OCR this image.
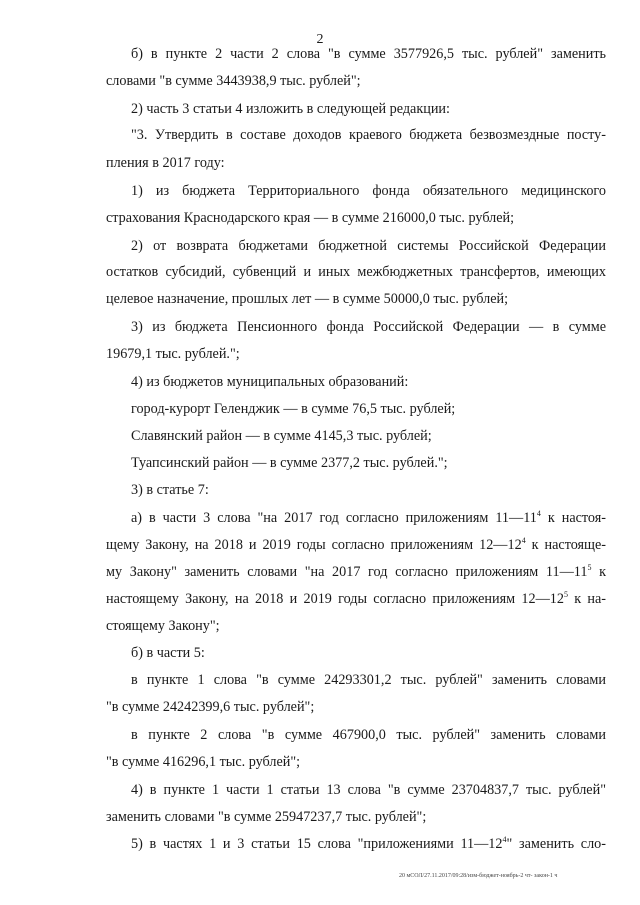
2
б) в пункте 2 части 2 слова "в сумме 3577926,5 тыс. рублей" заменить
словами "в сумме 3443938,9 тыс. рублей";
2) часть 3 статьи 4 изложить в следующей редакции:
"3. Утвердить в составе доходов краевого бюджета безвозмездные посту-
пления в 2017 году:
1) из бюджета Территориального фонда обязательного медицинского
страхования Краснодарского края — в сумме 216000,0 тыс. рублей;
2) от возврата бюджетами бюджетной системы Российской Федерации
остатков субсидий, субвенций и иных межбюджетных трансфертов, имеющих
целевое назначение, прошлых лет — в сумме 50000,0 тыс. рублей;
3) из бюджета Пенсионного фонда Российской Федерации — в сумме
19679,1 тыс. рублей.";
4) из бюджетов муниципальных образований:
город-курорт Геленджик — в сумме 76,5 тыс. рублей;
Славянский район — в сумме 4145,3 тыс. рублей;
Туапсинский район — в сумме 2377,2 тыс. рублей.";
3) в статье 7:
а) в части 3 слова "на 2017 год согласно приложениям $11—11^4$ к настоя-
щему Закону, на 2018 и 2019 годы согласно приложениям $12—12^4$ к настояще-
му Закону" заменить словами "на 2017 год согласно приложениям $11—11^5$ к
настоящему Закону, на 2018 и 2019 годы согласно приложениям $12—12^5$ к на-
стоящему Закону";
б) в части 5:
в пункте 1 слова "в сумме 24293301,2 тыс. рублей" заменить словами
"в сумме 24242399,6 тыс. рублей";
в пункте 2 слова "в сумме 467900,0 тыс. рублей" заменить словами
"в сумме 416296,1 тыс. рублей";
4) в пункте 1 части 1 статьи 13 слова "в сумме 23704837,7 тыс. рублей"
заменить словами "в сумме 25947237,7 тыс. рублей";
5) в частях 1 и 3 статьи 15 слова "приложениями $11—12^4$" заменить сло-
20 мСОЛ/27.11.2017/09:28/изм-бюджет-ноябрь-2 чт- закон-1 ч
